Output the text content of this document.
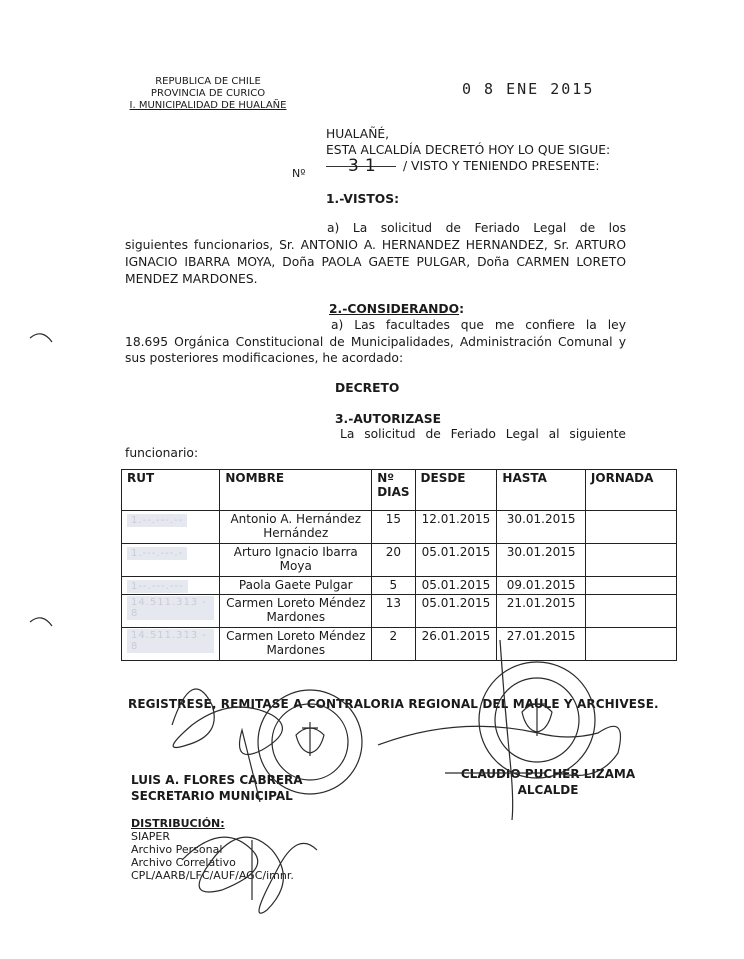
REPUBLICA DE CHILE
PROVINCIA DE CURICO
I. MUNICIPALIDAD DE HUALAÑE
0 8 ENE 2015
HUALAÑÉ,
ESTA ALCALDÍA DECRETÓ HOY LO QUE SIGUE:
Nº	31 / VISTO Y TENIENDO PRESENTE:
1.-VISTOS:
a) La solicitud de Feriado Legal de los
siguientes funcionarios, Sr. ANTONIO A. HERNANDEZ HERNANDEZ, Sr. ARTURO
IGNACIO IBARRA MOYA, Doña PAOLA GAETE PULGAR, Doña CARMEN LORETO
MENDEZ MARDONES.
2.-CONSIDERANDO:
a) Las facultades que me confiere la ley
18.695 Orgánica Constitucional de Municipalidades, Administración Comunal y
sus posteriores modificaciones, he acordado:
DECRETO
3.-AUTORIZASE
La solicitud de Feriado Legal al siguiente
funcionario:
RUT	NOMBRE	Nº DIAS	DESDE	HASTA	JORNADA
1.--.---.--	Antonio A. Hernández Hernández	15	12.01.2015	30.01.2015	
1.---.---.-	Arturo Ignacio Ibarra Moya	20	05.01.2015	30.01.2015	
1--.---.---	Paola Gaete Pulgar	5	05.01.2015	09.01.2015	
14.511.313 - 8	Carmen Loreto Méndez Mardones	13	05.01.2015	21.01.2015	
14.511.313 - 8	Carmen Loreto Méndez Mardones	2	26.01.2015	27.01.2015	
REGISTRESE, REMITASE A CONTRALORIA REGIONAL DEL MAULE Y ARCHIVESE.
LUIS A. FLORES CABRERA
SECRETARIO MUNICIPAL
CLAUDIO PUCHER LIZAMA
ALCALDE
DISTRIBUCIÓN:
SIAPER
Archivo Personal
Archivo Correlativo
CPL/AARB/LFC/AUF/AGC/imnr.
